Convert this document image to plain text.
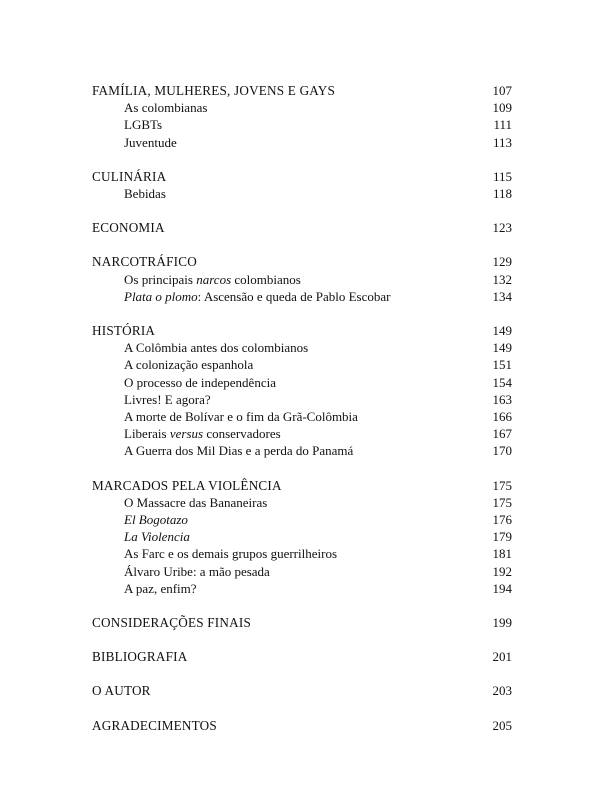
FAMÍLIA, MULHERES, JOVENS E GAYS	107
As colombianas	109
LGBTs	111
Juventude	113
CULINÁRIA	115
Bebidas	118
ECONOMIA	123
NARCOTRÁFICO	129
Os principais narcos colombianos	132
Plata o plomo: Ascensão e queda de Pablo Escobar	134
HISTÓRIA	149
A Colômbia antes dos colombianos	149
A colonização espanhola	151
O processo de independência	154
Livres! E agora?	163
A morte de Bolívar e o fim da Grã-Colômbia	166
Liberais versus conservadores	167
A Guerra dos Mil Dias e a perda do Panamá	170
MARCADOS PELA VIOLÊNCIA	175
O Massacre das Bananeiras	175
El Bogotazo	176
La Violencia	179
As Farc e os demais grupos guerrilheiros	181
Álvaro Uribe: a mão pesada	192
A paz, enfim?	194
CONSIDERAÇÕES FINAIS	199
BIBLIOGRAFIA	201
O AUTOR	203
AGRADECIMENTOS	205
